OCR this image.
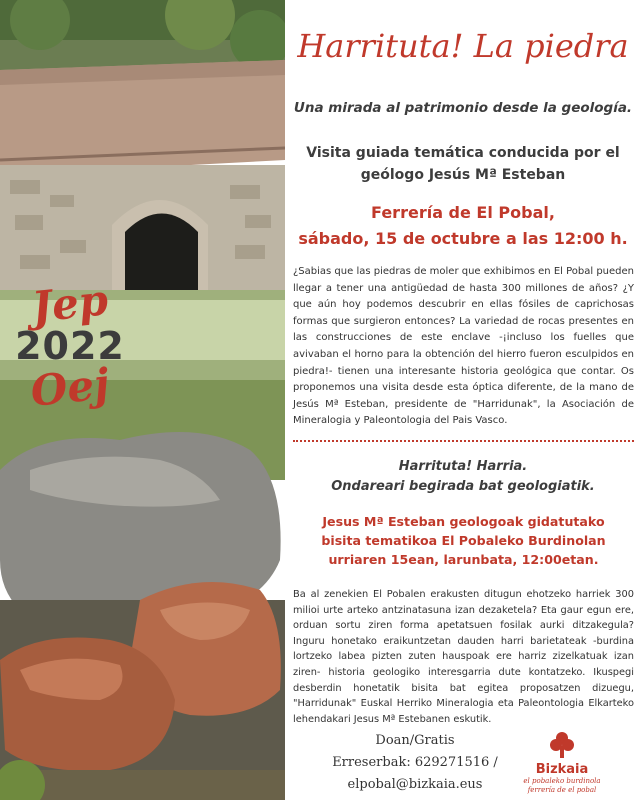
Jep
2022
Oej
Harrituta! La piedra
Una mirada al patrimonio desde la geología.
Visita guiada temática conducida por el geólogo Jesús Mª Esteban
Ferrería de El Pobal,
sábado, 15 de octubre a las 12:00 h.
¿Sabias que las piedras de moler que exhibimos en El Pobal pueden llegar a tener una antigüedad de hasta 300 millones de años? ¿Y que aún hoy podemos descubrir en ellas fósiles de caprichosas formas que surgieron entonces? La variedad de rocas presentes en las construcciones de este enclave -¡incluso los fuelles que avivaban el horno para la obtención del hierro fueron esculpidos en piedra!- tienen una interesante historia geológica que contar. Os proponemos una visita desde esta óptica diferente, de la mano de Jesús Mª Esteban, presidente de "Harridunak", la Asociación de Mineralogia y Paleontologia del Pais Vasco.
Harrituta! Harria.
Ondareari begirada bat geologiatik.
Jesus Mª Esteban geologoak gidatutako
bisita tematikoa El Pobaleko Burdinolan
urriaren 15ean, larunbata, 12:00etan.
Ba al zenekien El Pobalen erakusten ditugun ehotzeko harriek 300 milioi urte arteko antzinatasuna izan dezaketela? Eta gaur egun ere, orduan sortu ziren forma apetatsuen fosilak aurki ditzakegula? Inguru honetako eraikuntzetan dauden harri barietateak -burdina lortzeko labea pizten zuten hauspoak ere harriz zizelkatuak izan ziren- historia geologiko interesgarria dute kontatzeko. Ikuspegi desberdin honetatik bisita bat egitea proposatzen dizuegu, "Harridunak" Euskal Herriko Mineralogia eta Paleontologia Elkarteko lehendakari Jesus Mª Estebanen eskutik.
Doan/Gratis
Erreserbak: 629271516 /
elpobal@bizkaia.eus
Bizkaia
el pobaleko burdinola
ferrería de el pobal
